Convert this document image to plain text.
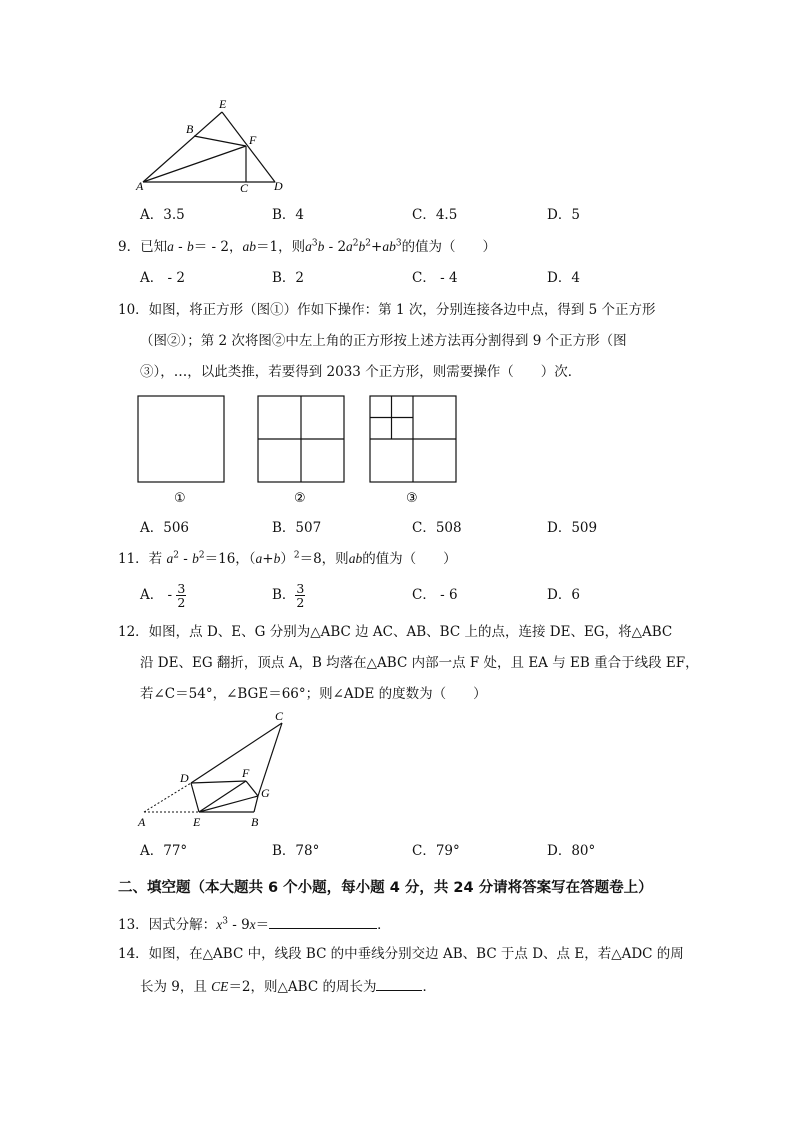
E
B
F
A	C D
A．3.5	B．4	C．4.5	D．5
9．已知a - b＝ - 2，ab＝1，则$a^3b - 2a^2b^2+ab^3$的值为（　　）
A． - 2	B．2	C． - 4	D．4
10．如图，将正方形（图①）作如下操作：第 1 次，分别连接各边中点，得到 5 个正方形
（图②）；第 2 次将图②中左上角的正方形按上述方法再分割得到 9 个正方形（图
③），…，以此类推，若要得到 2033 个正方形，则需要操作（　　）次．
①	②	③
A．506	B．507	C．508	D．509
11．若 $a^2 - b^2=16$，$(a+b)^2=8$，则ab的值为（　　）
A． - $\frac{3}{2}$	B． $\frac{3}{2}$	C． - 6	D．6
12．如图，点 D、E、G 分别为△ABC 边 AC、AB、BC 上的点，连接 DE、EG，将△ABC
沿 DE、EG 翻折，顶点 A，B 均落在△ABC 内部一点 F 处，且 EA 与 EB 重合于线段 EF，
若∠C＝54°，∠BGE＝66°；则∠ADE 的度数为（　　）
C
D	F
G
A	E	B
A．77°	B．78°	C．79°	D．80°
二、填空题（本大题共 6 个小题，每小题 4 分，共 24 分请将答案写在答题卷上）
13．因式分解：$x^3 - 9x=$	．
14．如图，在△ABC 中，线段 BC 的中垂线分别交边 AB、BC 于点 D、点 E，若△ADC 的周
长为 9，且 CE＝2，则△ABC 的周长为	．
